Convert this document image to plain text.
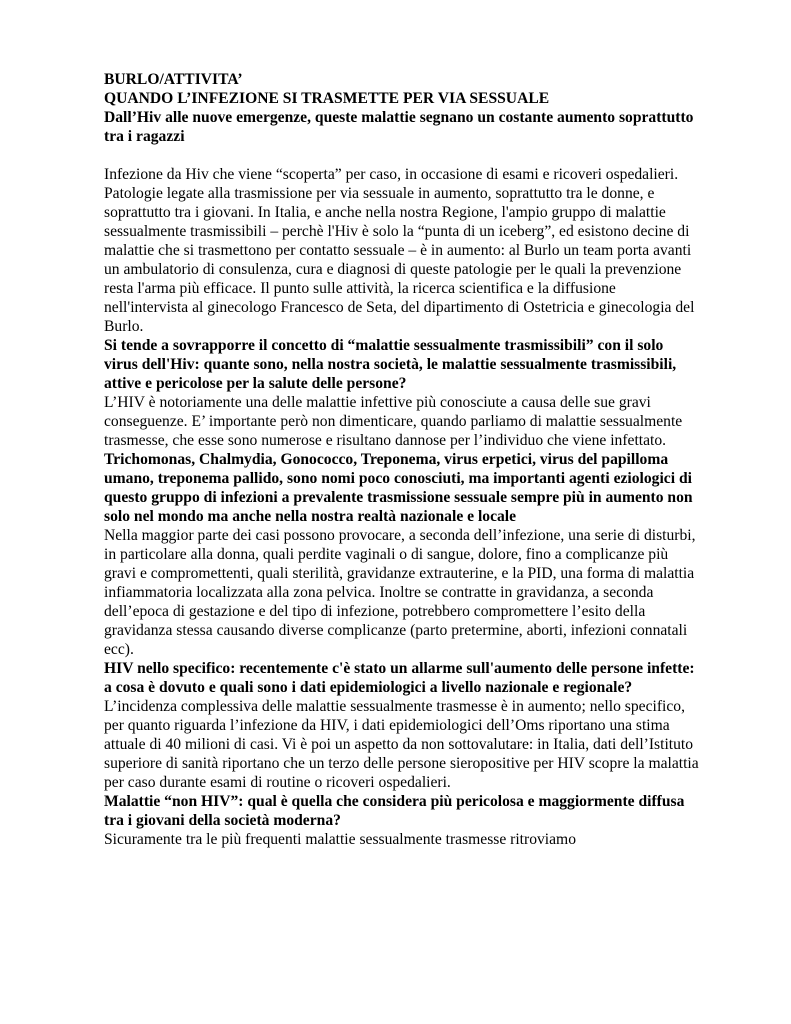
BURLO/ATTIVITA’

QUANDO L’INFEZIONE SI TRASMETTE PER VIA SESSUALE

Dall’Hiv alle nuove emergenze, queste malattie segnano un costante aumento soprattutto tra i ragazzi

Infezione da Hiv che viene “scoperta” per caso, in occasione di esami e ricoveri ospedalieri. Patologie legate alla trasmissione per via sessuale in aumento, soprattutto tra le donne, e soprattutto tra i giovani. In Italia, e anche nella nostra Regione, l'ampio gruppo di malattie sessualmente trasmissibili – perchè l'Hiv è solo la “punta di un iceberg”, ed esistono decine di malattie che si trasmettono per contatto sessuale – è in aumento: al Burlo un team porta avanti un ambulatorio di consulenza, cura e diagnosi di queste patologie per le quali la prevenzione resta l'arma più efficace. Il punto sulle attività, la ricerca scientifica e la diffusione nell'intervista al ginecologo Francesco de Seta, del dipartimento di Ostetricia e ginecologia del Burlo.

Si tende a sovrapporre il concetto di “malattie sessualmente trasmissibili” con il solo virus dell'Hiv: quante sono, nella nostra società, le malattie sessualmente trasmissibili, attive e pericolose per la salute delle persone?

L’HIV è notoriamente una delle malattie infettive più conosciute a causa delle sue gravi conseguenze. E’ importante però non dimenticare, quando parliamo di malattie sessualmente trasmesse, che esse sono numerose e risultano dannose per l’individuo che viene infettato.

Trichomonas, Chalmydia, Gonococco, Treponema, virus erpetici, virus del papilloma umano, treponema pallido, sono nomi poco conosciuti, ma importanti agenti eziologici di questo gruppo di infezioni a prevalente trasmissione sessuale sempre più in aumento non solo nel mondo ma anche nella nostra realtà nazionale e locale

Nella maggior parte dei casi possono provocare, a seconda dell’infezione, una serie di disturbi, in particolare alla donna, quali perdite vaginali o di sangue, dolore, fino a complicanze più gravi e compromettenti, quali sterilità, gravidanze extrauterine, e la PID, una forma di malattia infiammatoria localizzata alla zona pelvica. Inoltre se contratte in gravidanza, a seconda dell’epoca di gestazione e del tipo di infezione, potrebbero compromettere l’esito della gravidanza stessa causando diverse complicanze (parto pretermine, aborti, infezioni connatali ecc).

HIV nello specifico: recentemente c'è stato un allarme sull'aumento delle persone infette: a cosa è dovuto e quali sono i dati epidemiologici a livello nazionale e regionale?

L’incidenza complessiva delle malattie sessualmente trasmesse è in aumento; nello specifico, per quanto riguarda l’infezione da HIV, i dati epidemiologici dell’Oms riportano una stima attuale di 40 milioni di casi. Vi è poi un aspetto da non sottovalutare: in Italia, dati dell’Istituto superiore di sanità riportano che un terzo delle persone sieropositive per HIV scopre la malattia per caso durante esami di routine o ricoveri ospedalieri.

Malattie “non HIV”: qual è quella che considera più pericolosa e maggiormente diffusa tra i giovani della società moderna?

Sicuramente tra le più frequenti malattie sessualmente trasmesse ritroviamo
